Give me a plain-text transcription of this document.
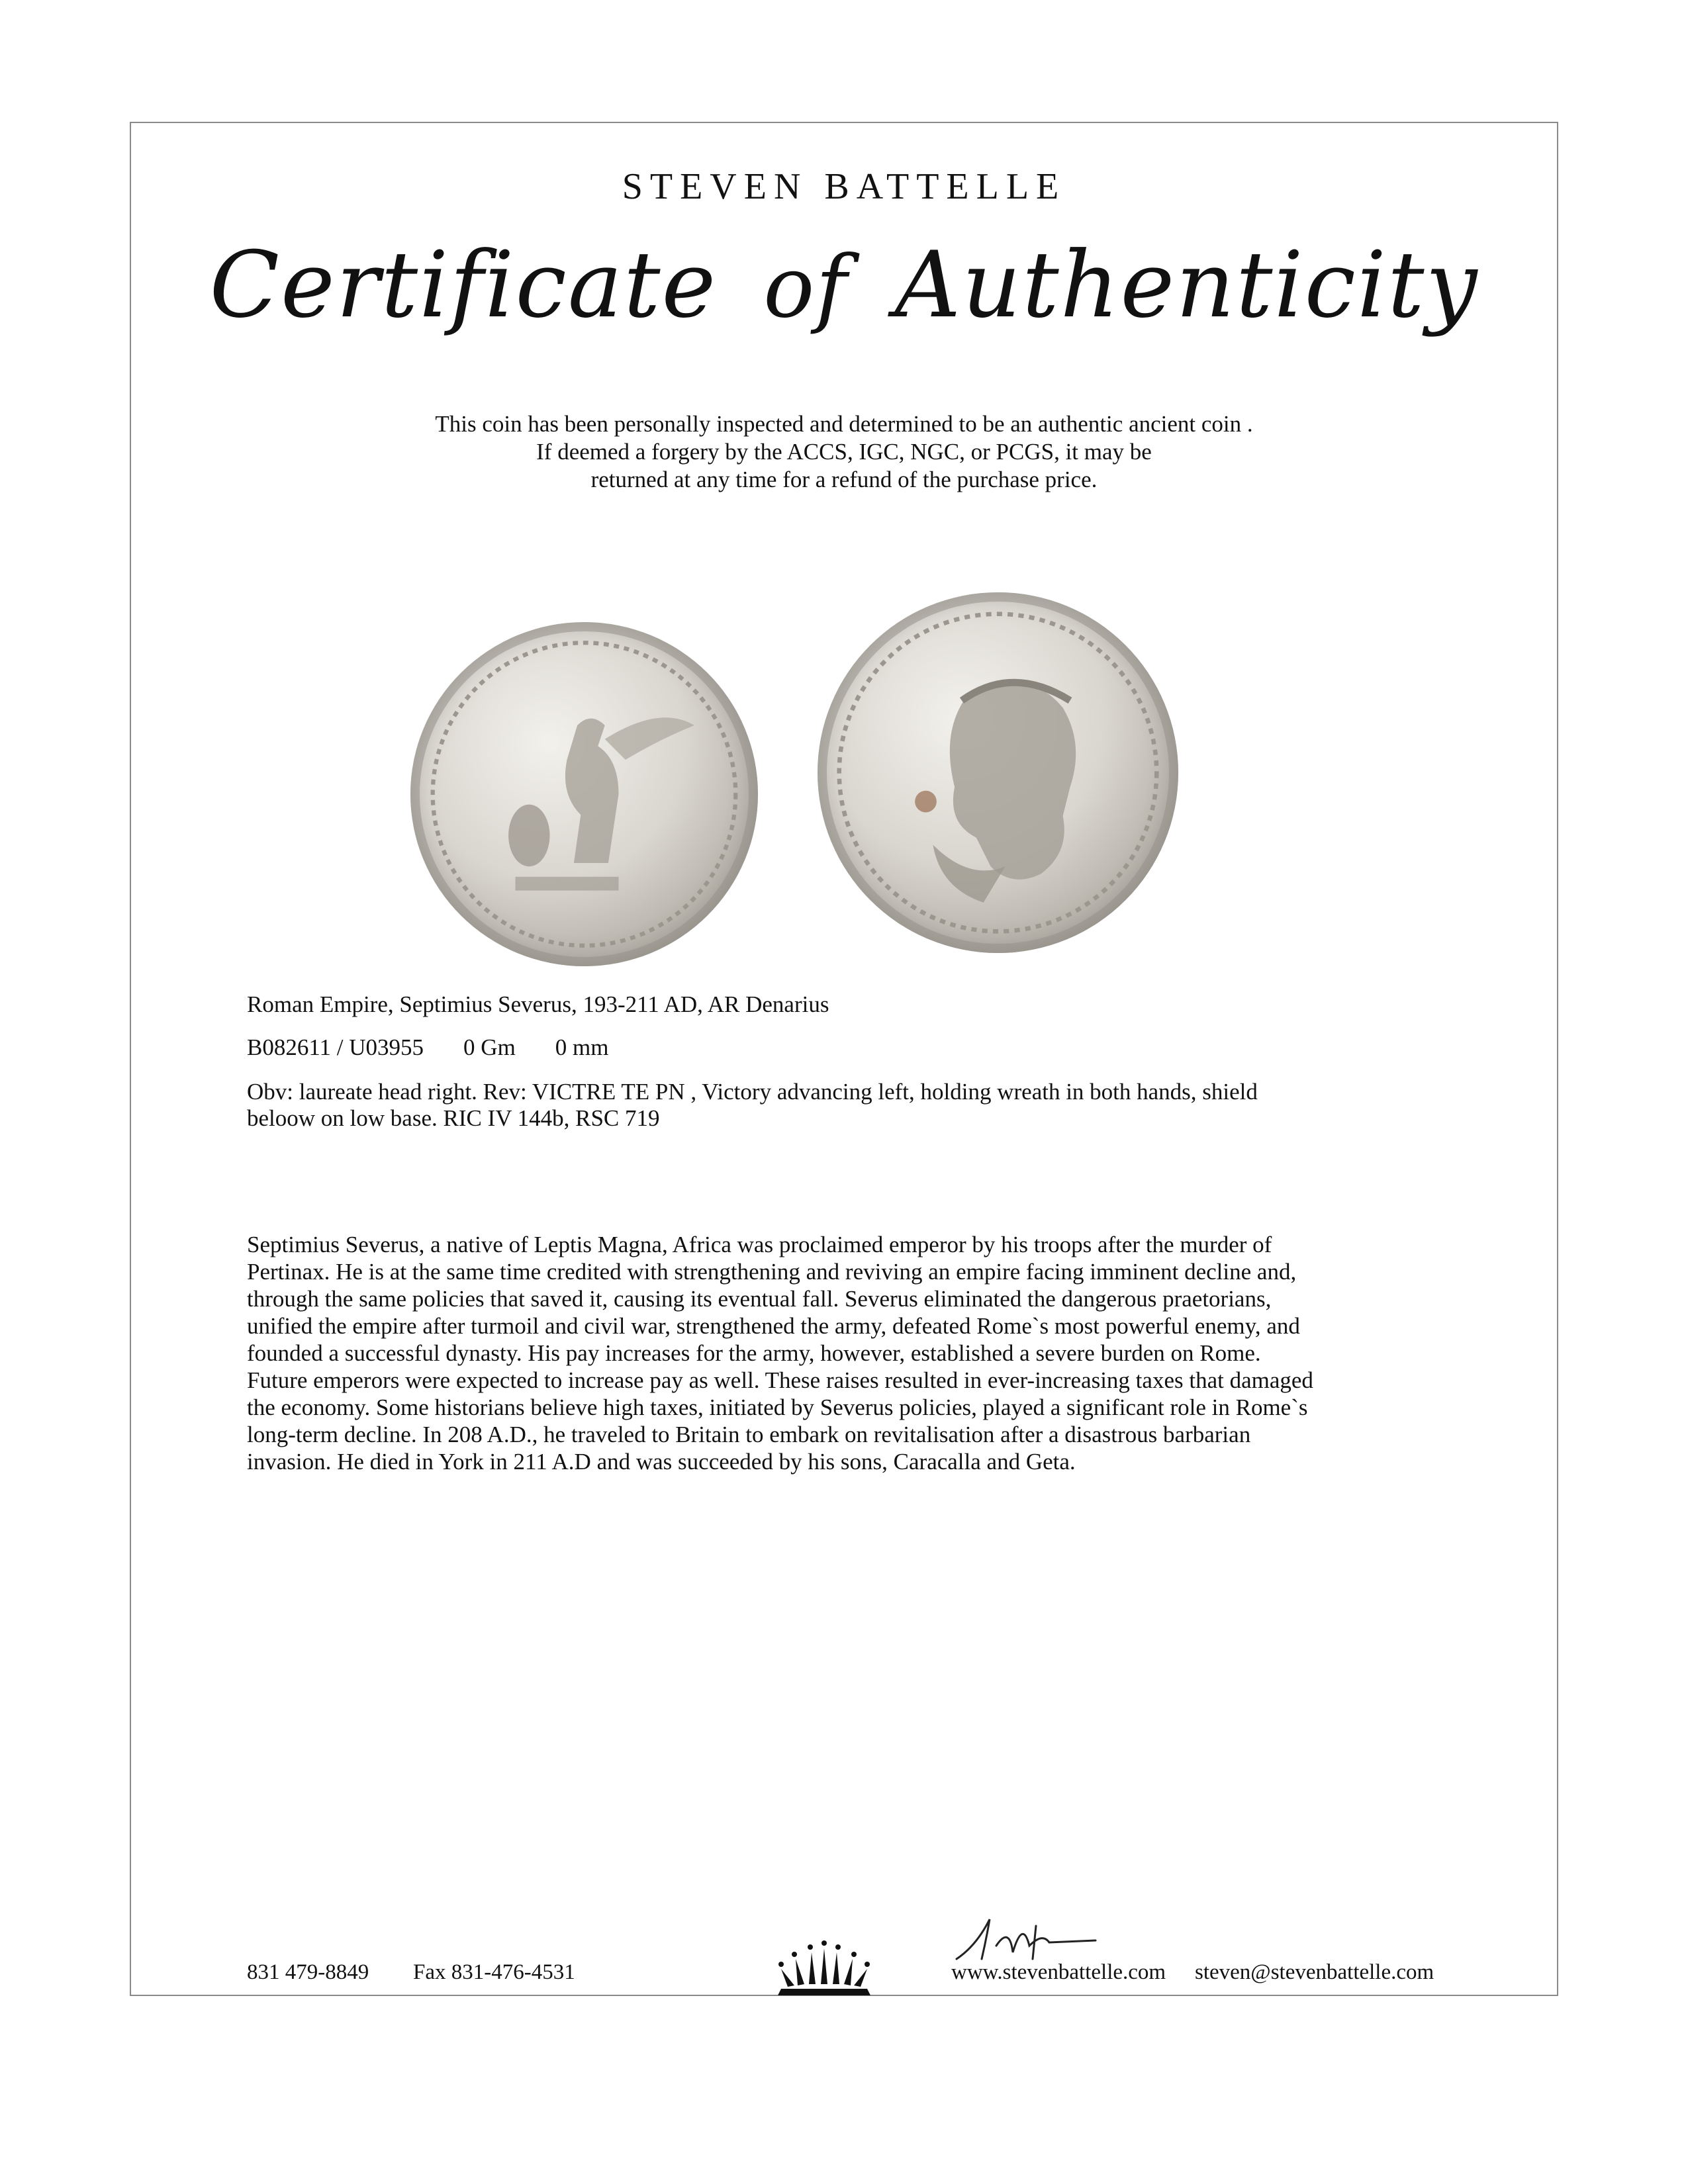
STEVEN BATTELLE
Certificate of Authenticity
This coin has been personally inspected and determined to be an authentic ancient coin .
If deemed a forgery by the ACCS, IGC, NGC, or PCGS, it may be
returned at any time for a refund of the purchase price.
Roman Empire, Septimius Severus, 193-211 AD, AR Denarius
B082611 / U03955 0 Gm 0 mm
Obv: laureate head right. Rev: VICTRE TE PN , Victory advancing left, holding wreath in both hands, shield
beloow on low base. RIC IV 144b, RSC 719
Septimius Severus, a native of Leptis Magna, Africa was proclaimed emperor by his troops after the murder of
Pertinax. He is at the same time credited with strengthening and reviving an empire facing imminent decline and,
through the same policies that saved it, causing its eventual fall. Severus eliminated the dangerous praetorians,
unified the empire after turmoil and civil war, strengthened the army, defeated Rome`s most powerful enemy, and
founded a successful dynasty. His pay increases for the army, however, established a severe burden on Rome.
Future emperors were expected to increase pay as well. These raises resulted in ever-increasing taxes that damaged
the economy. Some historians believe high taxes, initiated by Severus policies, played a significant role in Rome`s
long-term decline. In 208 A.D., he traveled to Britain to embark on revitalisation after a disastrous barbarian
invasion. He died in York in 211 A.D and was succeeded by his sons, Caracalla and Geta.
831 479-8849 Fax 831-476-4531	www.stevenbattelle.com steven@stevenbattelle.com
